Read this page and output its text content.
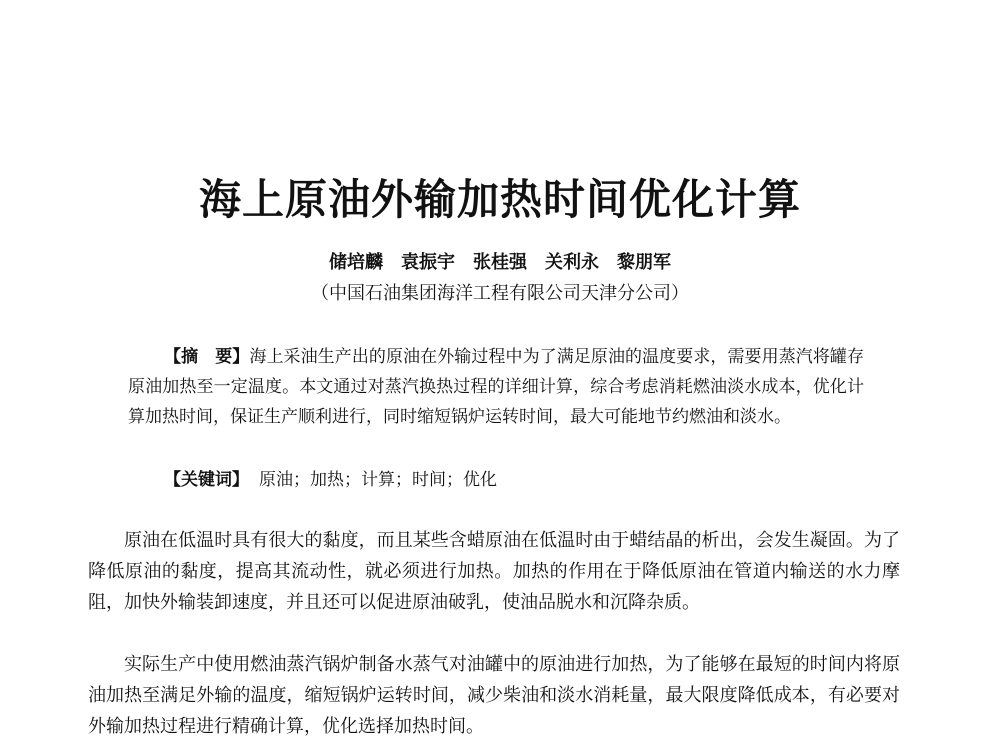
海上原油外输加热时间优化计算
储培麟　袁振宇　张桂强　关利永　黎朋军
（中国石油集团海洋工程有限公司天津分公司）

【摘　要】海上采油生产出的原油在外输过程中为了满足原油的温度要求，需要用蒸汽将罐存原油加热至一定温度。本文通过对蒸汽换热过程的详细计算，综合考虑消耗燃油淡水成本，优化计算加热时间，保证生产顺利进行，同时缩短锅炉运转时间，最大可能地节约燃油和淡水。

【关键词】 原油；加热；计算；时间；优化

原油在低温时具有很大的黏度，而且某些含蜡原油在低温时由于蜡结晶的析出，会发生凝固。为了降低原油的黏度，提高其流动性，就必须进行加热。加热的作用在于降低原油在管道内输送的水力摩阻，加快外输装卸速度，并且还可以促进原油破乳，使油品脱水和沉降杂质。

实际生产中使用燃油蒸汽锅炉制备水蒸气对油罐中的原油进行加热，为了能够在最短的时间内将原油加热至满足外输的温度，缩短锅炉运转时间，减少柴油和淡水消耗量，最大限度降低成本，有必要对外输加热过程进行精确计算，优化选择加热时间。
